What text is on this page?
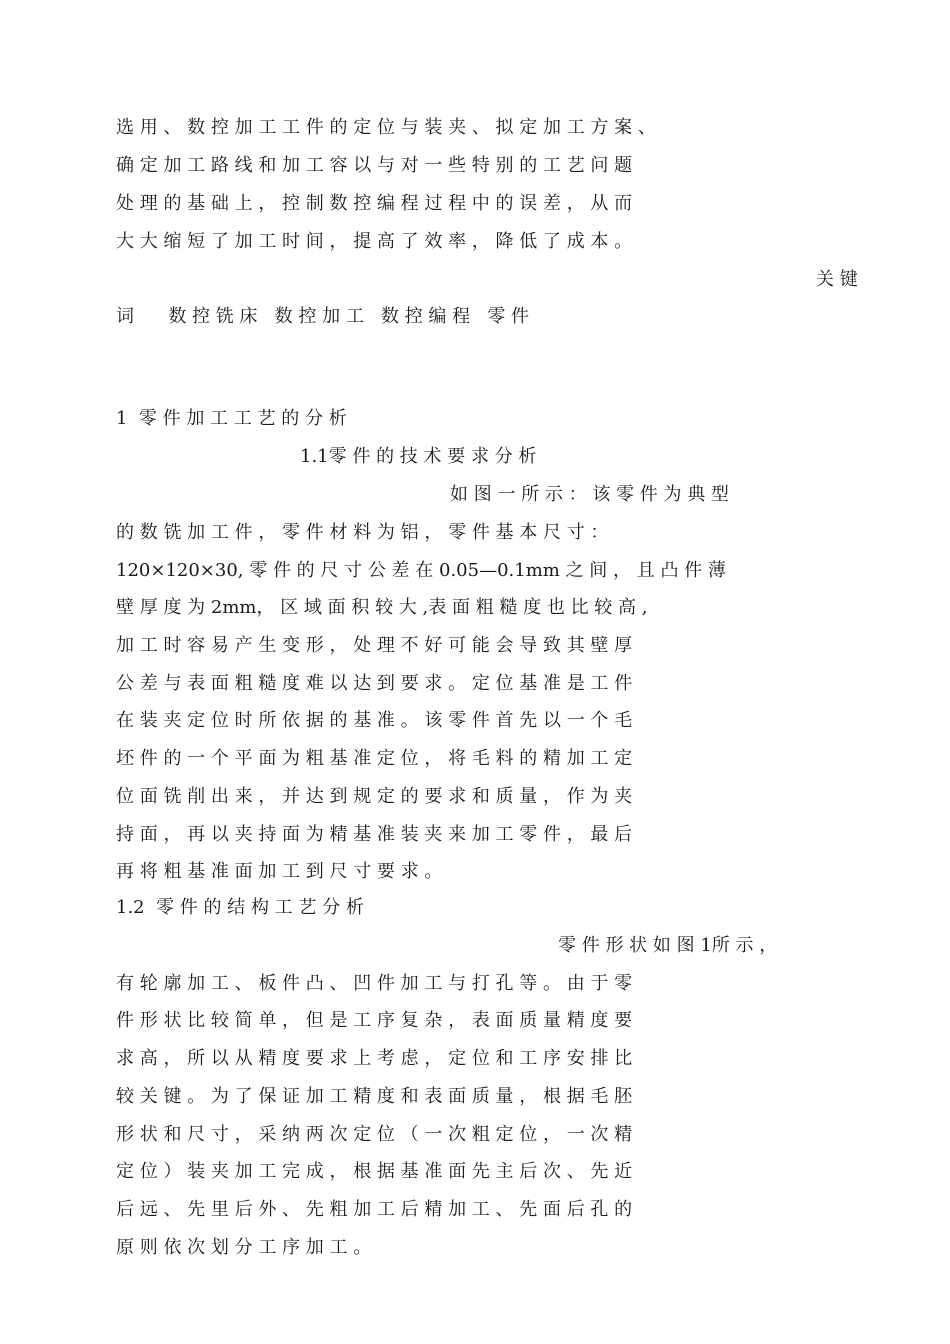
选 用 、 数 控 加 工 工 件 的 定 位 与 装 夹 、 拟 定 加 工 方 案 、
确 定 加 工 路 线 和 加 工 容 以 与 对 一 些 特 别 的 工 艺 问 题
处 理 的 基 础 上 ， 控 制 数 控 编 程 过 程 中 的 误 差 ， 从 而
大 大 缩 短 了 加 工 时 间 ， 提 高 了 效 率 ， 降 低 了 成 本 。
关 键
词      数 控 铣 床   数 控 加 工   数 控 编 程   零 件
1  零 件 加 工 工 艺 的 分 析
1.1零 件 的 技 术 要 求 分 析
如 图 一 所 示 ： 该 零 件 为 典 型
的 数 铣 加 工 件 ， 零 件 材 料 为 铝 ， 零 件 基 本 尺 寸 ：
120×120×30, 零 件 的 尺 寸 公 差 在 0.05—0.1mm 之 间 ， 且 凸 件 薄
壁 厚 度 为 2mm， 区 域 面 积 较 大 ,表 面 粗 糙 度 也 比 较 高 ,
加 工 时 容 易 产 生 变 形 ， 处 理 不 好 可 能 会 导 致 其 壁 厚
公 差 与 表 面 粗 糙 度 难 以 达 到 要 求 。 定 位 基 准 是 工 件
在 装 夹 定 位 时 所 依 据 的 基 准 。 该 零 件 首 先 以 一 个 毛
坯 件 的 一 个 平 面 为 粗 基 准 定 位 ， 将 毛 料 的 精 加 工 定
位 面 铣 削 出 来 ， 并 达 到 规 定 的 要 求 和 质 量 ， 作 为 夹
持 面 ， 再 以 夹 持 面 为 精 基 准 装 夹 来 加 工 零 件 ， 最 后
再 将 粗 基 准 面 加 工 到 尺 寸 要 求 。
1.2  零 件 的 结 构 工 艺 分 析
零 件 形 状 如 图 1所 示 ，
有 轮 廓 加 工 、 板 件 凸 、 凹 件 加 工 与 打 孔 等 。 由 于 零
件 形 状 比 较 简 单 ， 但 是 工 序 复 杂 ， 表 面 质 量 精 度 要
求 高 ， 所 以 从 精 度 要 求 上 考 虑 ， 定 位 和 工 序 安 排 比
较 关 键 。 为 了 保 证 加 工 精 度 和 表 面 质 量 ， 根 据 毛 胚
形 状 和 尺 寸 ， 采 纳 两 次 定 位 （ 一 次 粗 定 位 ， 一 次 精
定 位 ） 装 夹 加 工 完 成 ， 根 据 基 准 面 先 主 后 次 、 先 近
后 远 、 先 里 后 外 、 先 粗 加 工 后 精 加 工 、 先 面 后 孔 的
原 则 依 次 划 分 工 序 加 工 。
